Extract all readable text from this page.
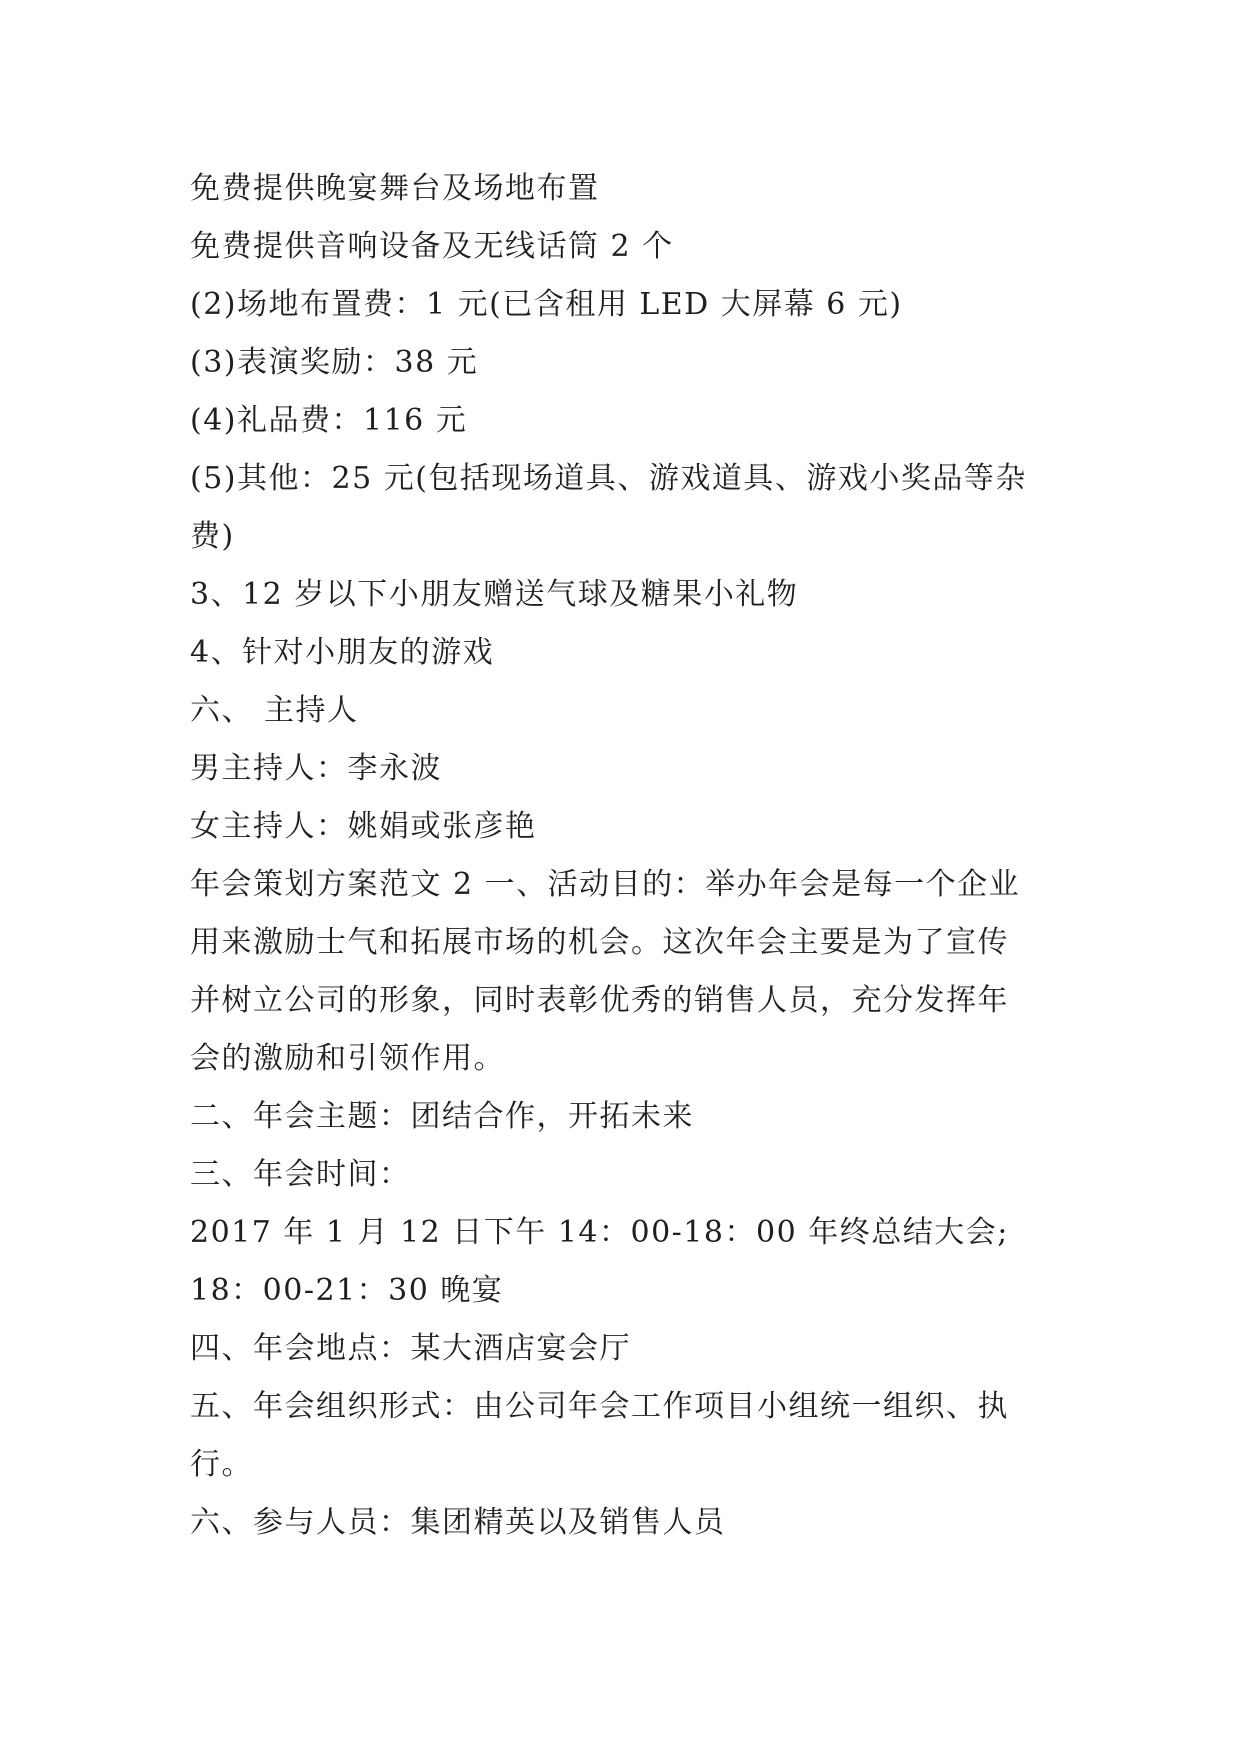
免费提供晚宴舞台及场地布置
免费提供音响设备及无线话筒 2 个
(2)场地布置费：1 元(已含租用 LED 大屏幕 6 元)
(3)表演奖励：38 元
(4)礼品费：116 元
(5)其他：25 元(包括现场道具、游戏道具、游戏小奖品等杂
费)
3、12 岁以下小朋友赠送气球及糖果小礼物
4、针对小朋友的游戏
六、 主持人
男主持人：李永波
女主持人：姚娟或张彦艳
年会策划方案范文 2 一、活动目的：举办年会是每一个企业
用来激励士气和拓展市场的机会。这次年会主要是为了宣传
并树立公司的形象，同时表彰优秀的销售人员，充分发挥年
会的激励和引领作用。
二、年会主题：团结合作，开拓未来
三、年会时间：
2017 年 1 月 12 日下午 14：00-18：00 年终总结大会;
18：00-21：30 晚宴
四、年会地点：某大酒店宴会厅
五、年会组织形式：由公司年会工作项目小组统一组织、执
行。
六、参与人员：集团精英以及销售人员
